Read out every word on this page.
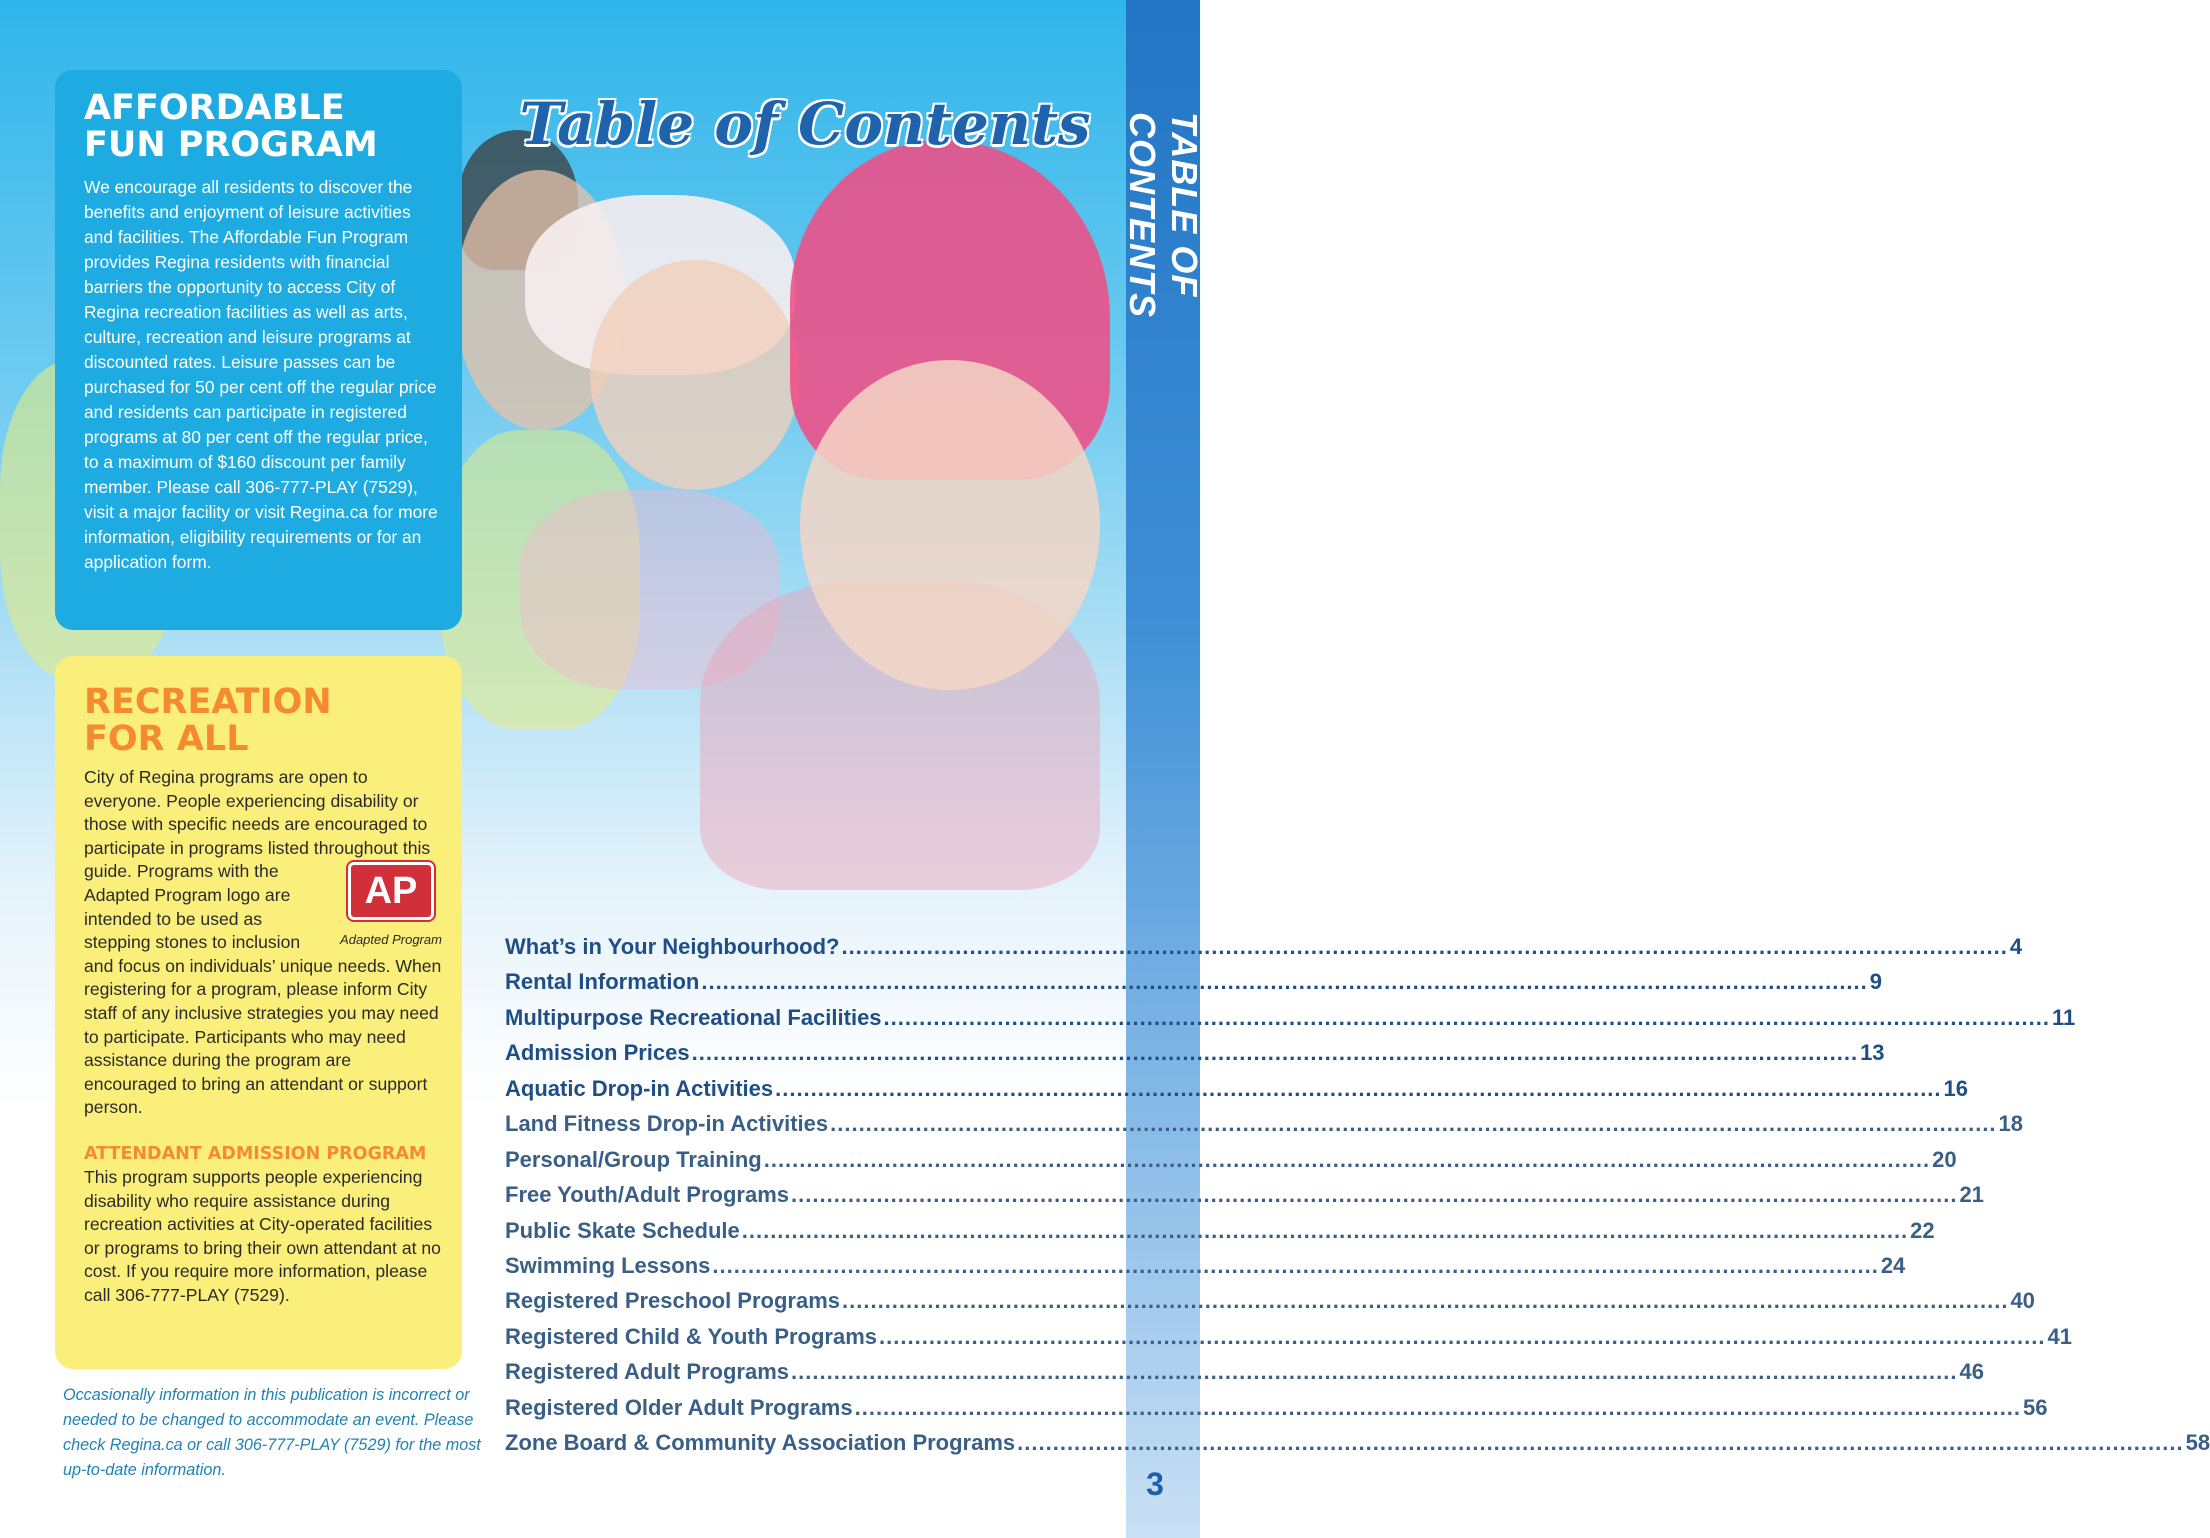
TABLE OF CONTENTS
3
Table of Contents
AFFORDABLE FUN PROGRAM

We encourage all residents to discover the benefits and enjoyment of leisure activities and facilities. The Affordable Fun Program provides Regina residents with financial barriers the opportunity to access City of Regina recreation facilities as well as arts, culture, recreation and leisure programs at discounted rates. Leisure passes can be purchased for 50 per cent off the regular price and residents can participate in registered programs at 80 per cent off the regular price, to a maximum of $160 discount per family member. Please call 306-777-PLAY (7529), visit a major facility or visit Regina.ca for more information, eligibility requirements or for an application form.

RECREATION FOR ALL
City of Regina programs are open to everyone. People experiencing disability or those with specific needs are encouraged to participate in programs listed throughout this guide. Programs with the	AP
Adapted Program
Adapted Program logo are intended to be used as stepping stones to inclusion and focus on individuals’ unique needs. When registering for a program, please inform City staff of any inclusive strategies you may need to participate. Participants who may need assistance during the program are encouraged to bring an attendant or support person.
ATTENDANT ADMISSION PROGRAM
This program supports people experiencing disability who require assistance during recreation activities at City-operated facilities or programs to bring their own attendant at no cost. If you require more information, please call 306-777-PLAY (7529).
Occasionally information in this publication is incorrect or needed to be changed to accommodate an event. Please check Regina.ca or call 306-777-PLAY (7529) for the most up-to-date information.
What’s in Your Neighbourhood? .....	4
Rental Information .....	9
Multipurpose Recreational Facilities .....	11
Admission Prices .....	13
Aquatic Drop-in Activities .....	16
Land Fitness Drop-in Activities .....	18
Personal/Group Training .....	20
Free Youth/Adult Programs .....	21
Public Skate Schedule .....	22
Swimming Lessons .....	24
Registered Preschool Programs .....	40
Registered Child & Youth Programs .....	41
Registered Adult Programs .....	46
Registered Older Adult Programs .....	56
Zone Board & Community Association Programs .....	58
